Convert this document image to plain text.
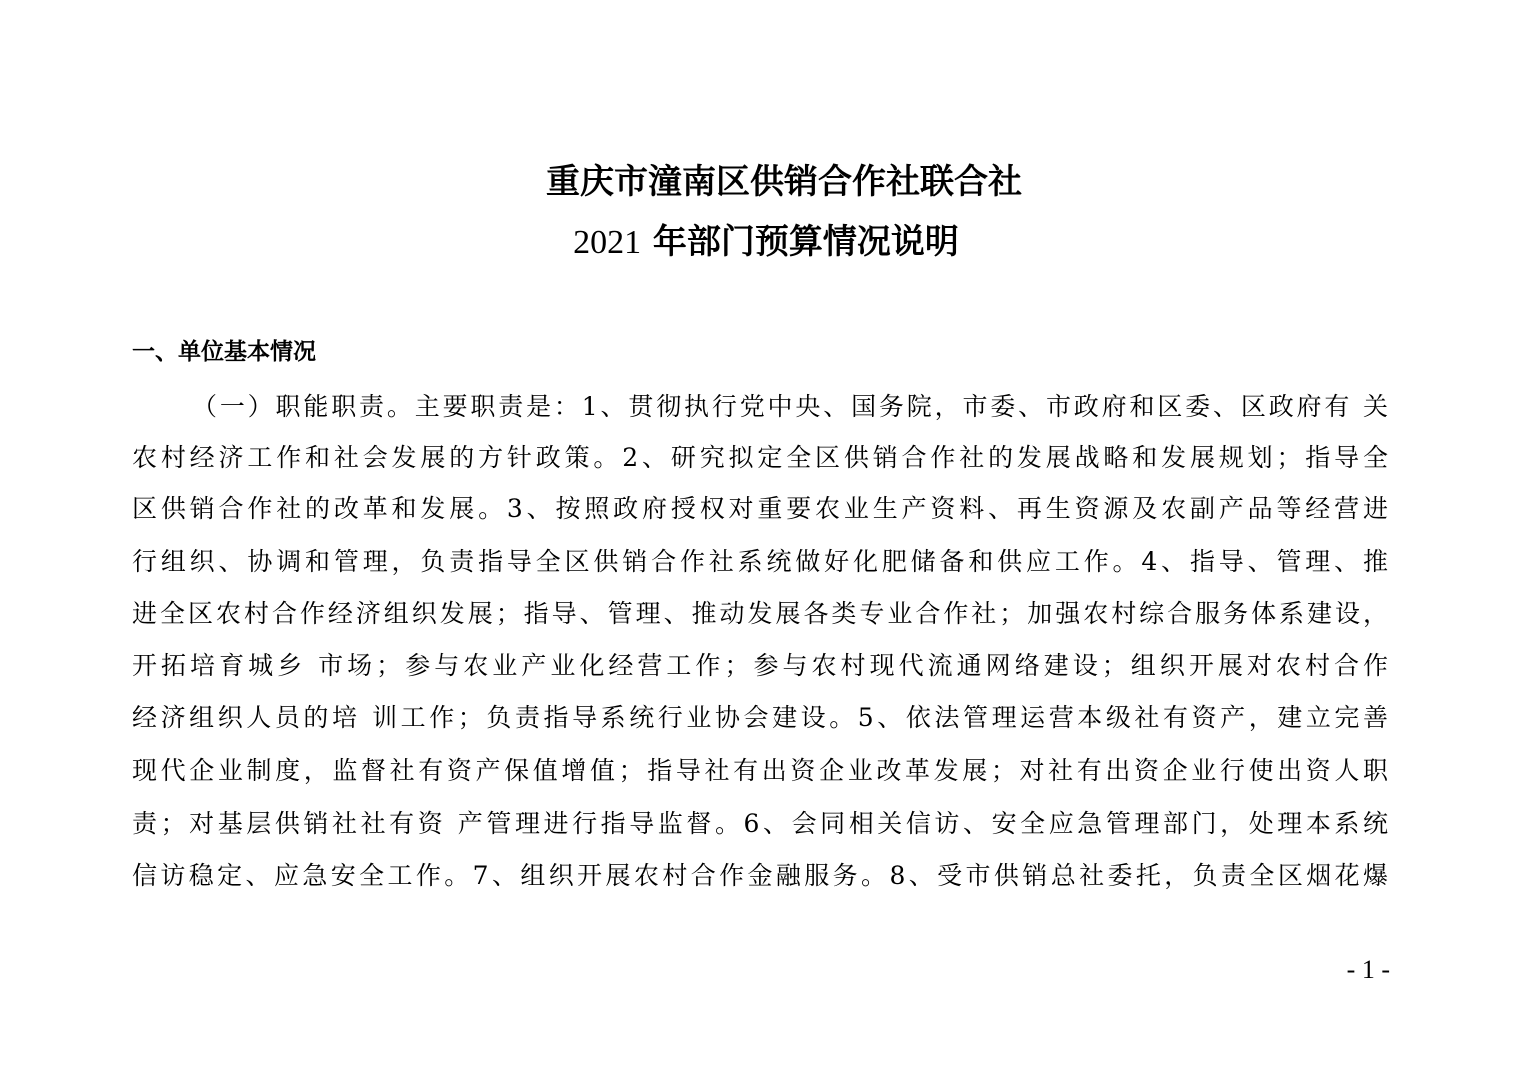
重庆市潼南区供销合作社联合社
2021 年部门预算情况说明
一、单位基本情况
（一）职能职责。主要职责是：1、贯彻执行党中央、国务院，市委、市政府和区委、区政府有 关
农村经济工作和社会发展的方针政策。2、研究拟定全区供销合作社的发展战略和发展规划；指导全
区供销合作社的改革和发展。3、按照政府授权对重要农业生产资料、再生资源及农副产品等经营进
行组织、协调和管理，负责指导全区供销合作社系统做好化肥储备和供应工作。4、指导、管理、推
进全区农村合作经济组织发展；指导、管理、推动发展各类专业合作社；加强农村综合服务体系建设，
开拓培育城乡 市场；参与农业产业化经营工作；参与农村现代流通网络建设；组织开展对农村合作
经济组织人员的培 训工作；负责指导系统行业协会建设。5、依法管理运营本级社有资产，建立完善
现代企业制度，监督社有资产保值增值；指导社有出资企业改革发展；对社有出资企业行使出资人职
责；对基层供销社社有资 产管理进行指导监督。6、会同相关信访、安全应急管理部门，处理本系统
信访稳定、应急安全工作。7、组织开展农村合作金融服务。8、受市供销总社委托，负责全区烟花爆
- 1 -
